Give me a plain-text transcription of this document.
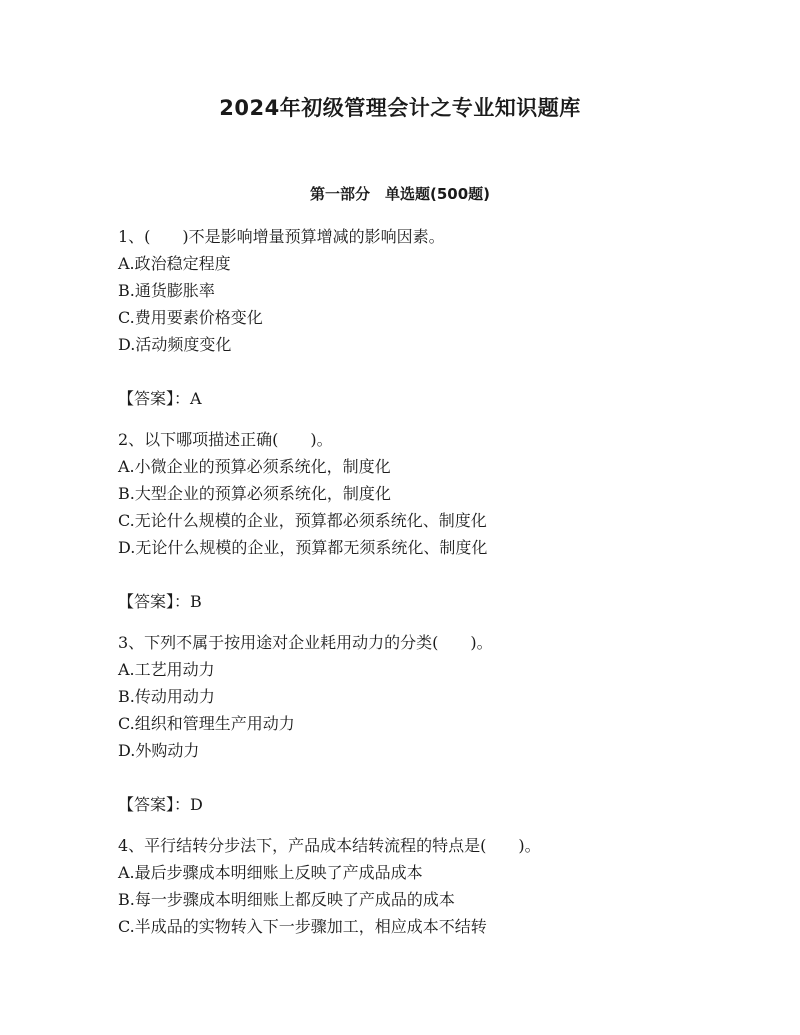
2024年初级管理会计之专业知识题库
第一部分　单选题(500题)
1、(　　)不是影响增量预算增减的影响因素。
A.政治稳定程度
B.通货膨胀率
C.费用要素价格变化
D.活动频度变化
【答案】：A
2、以下哪项描述正确(　　)。
A.小微企业的预算必须系统化，制度化
B.大型企业的预算必须系统化，制度化
C.无论什么规模的企业，预算都必须系统化、制度化
D.无论什么规模的企业，预算都无须系统化、制度化
【答案】：B
3、下列不属于按用途对企业耗用动力的分类(　　)。
A.工艺用动力
B.传动用动力
C.组织和管理生产用动力
D.外购动力
【答案】：D
4、平行结转分步法下，产品成本结转流程的特点是(　　)。
A.最后步骤成本明细账上反映了产成品成本
B.每一步骤成本明细账上都反映了产成品的成本
C.半成品的实物转入下一步骤加工，相应成本不结转
